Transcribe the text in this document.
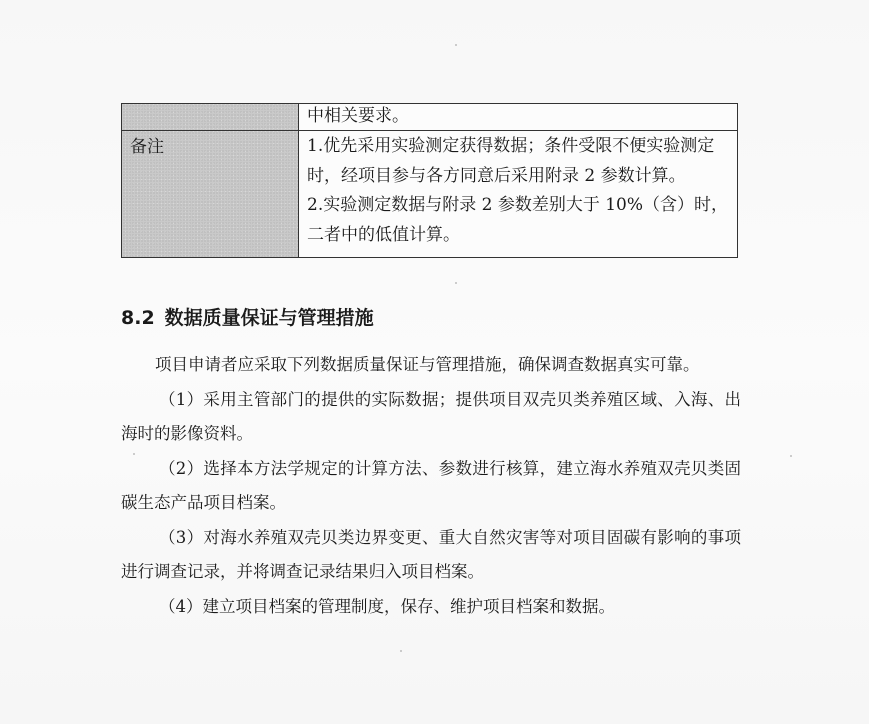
	中相关要求。

备注	1.优先采用实验测定获得数据；条件受限不便实验测定

时，经项目参与各方同意后采用附录 2 参数计算。

2.实验测定数据与附录 2 参数差别大于 10%（含）时，

二者中的低值计算。

8.2 数据质量保证与管理措施

项目申请者应采取下列数据质量保证与管理措施，确保调查数据真实可靠。

（1）采用主管部门的提供的实际数据；提供项目双壳贝类养殖区域、入海、出海时的影像资料。

（2）选择本方法学规定的计算方法、参数进行核算，建立海水养殖双壳贝类固碳生态产品项目档案。

（3）对海水养殖双壳贝类边界变更、重大自然灾害等对项目固碳有影响的事项进行调查记录，并将调查记录结果归入项目档案。

（4）建立项目档案的管理制度，保存、维护项目档案和数据。
